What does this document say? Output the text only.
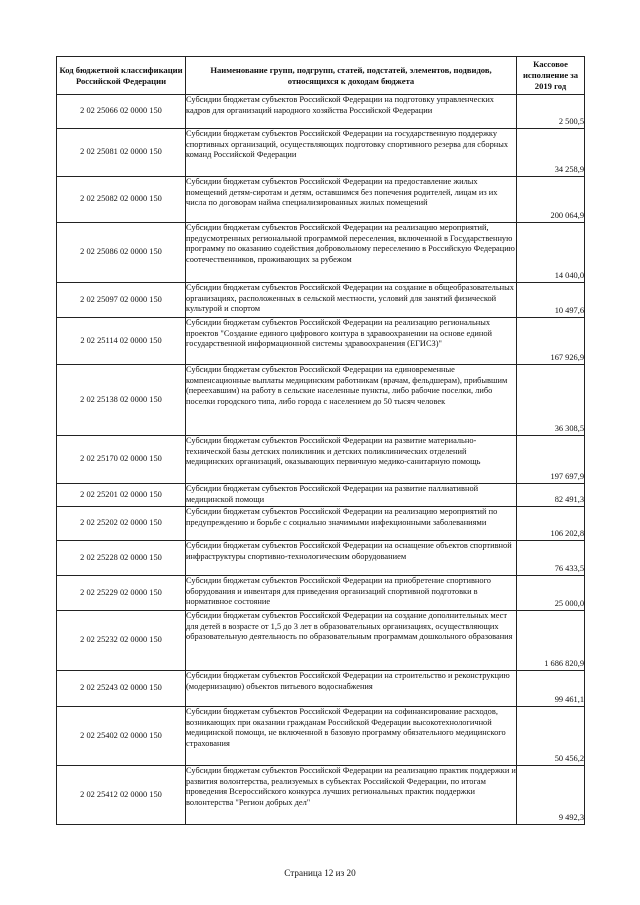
Код бюджетной классификации Российской Федерации	Наименование групп, подгрупп, статей, подстатей, элементов, подвидов, относящихся к доходам бюджета	Кассовое исполнение за 2019 год
2 02 25066 02 0000 150	Субсидии бюджетам субъектов Российской Федерации на подготовку управленческих кадров для организаций народного хозяйства Российской Федерации	2 500,5
2 02 25081 02 0000 150	Субсидии бюджетам субъектов Российской Федерации на государственную поддержку спортивных организаций, осуществляющих подготовку спортивного резерва для сборных команд Российской Федерации	34 258,9
2 02 25082 02 0000 150	Субсидии бюджетам субъектов Российской Федерации на предоставление жилых помещений детям-сиротам и детям, оставшимся без попечения родителей, лицам из их числа по договорам найма специализированных жилых помещений	200 064,9
2 02 25086 02 0000 150	Субсидии бюджетам субъектов Российской Федерации на реализацию мероприятий, предусмотренных региональной программой переселения, включенной в Государственную программу по оказанию содействия добровольному переселению в Российскую Федерацию соотечественников, проживающих за рубежом	14 040,0
2 02 25097 02 0000 150	Субсидии бюджетам субъектов Российской Федерации на создание в общеобразовательных организациях, расположенных в сельской местности, условий для занятий физической культурой и спортом	10 497,6
2 02 25114 02 0000 150	Субсидии бюджетам субъектов Российской Федерации на реализацию региональных проектов "Создание единого цифрового контура в здравоохранении на основе единой государственной информационной системы здравоохранения (ЕГИСЗ)"	167 926,9
2 02 25138 02 0000 150	Субсидии бюджетам субъектов Российской Федерации на единовременные компенсационные выплаты медицинским работникам (врачам, фельдшерам), прибывшим (переехавшим) на работу в сельские населенные пункты, либо рабочие поселки, либо поселки городского типа, либо города с населением до 50 тысяч человек	36 308,5
2 02 25170 02 0000 150	Субсидии бюджетам субъектов Российской Федерации на развитие материально-технической базы детских поликлиник и детских поликлинических отделений медицинских организаций, оказывающих первичную медико-санитарную помощь	197 697,9
2 02 25201 02 0000 150	Субсидии бюджетам субъектов Российской Федерации на развитие паллиативной медицинской помощи	82 491,3
2 02 25202 02 0000 150	Субсидии бюджетам субъектов Российской Федерации на реализацию мероприятий по предупреждению и борьбе с социально значимыми инфекционными заболеваниями	106 202,8
2 02 25228 02 0000 150	Субсидии бюджетам субъектов Российской Федерации на оснащение объектов спортивной инфраструктуры спортивно-технологическим оборудованием	76 433,5
2 02 25229 02 0000 150	Субсидии бюджетам субъектов Российской Федерации на приобретение спортивного оборудования и инвентаря для приведения организаций спортивной подготовки в нормативное состояние	25 000,0
2 02 25232 02 0000 150	Субсидии бюджетам субъектов Российской Федерации на создание дополнительных мест для детей в возрасте от 1,5 до 3 лет в образовательных организациях, осуществляющих образовательную деятельность по образовательным программам дошкольного образования	1 686 820,9
2 02 25243 02 0000 150	Субсидии бюджетам субъектов Российской Федерации на строительство и реконструкцию (модернизацию) объектов питьевого водоснабжения	99 461,1
2 02 25402 02 0000 150	Субсидии бюджетам субъектов Российской Федерации на софинансирование расходов, возникающих при оказании гражданам Российской Федерации высокотехнологичной медицинской помощи, не включенной в базовую программу обязательного медицинского страхования	50 456,2
2 02 25412 02 0000 150	Субсидии бюджетам субъектов Российской Федерации на реализацию практик поддержки и развития волонтерства, реализуемых в субъектах Российской Федерации, по итогам проведения Всероссийского конкурса лучших региональных практик поддержки волонтерства "Регион добрых дел"	9 492,3
Страница 12 из 20
